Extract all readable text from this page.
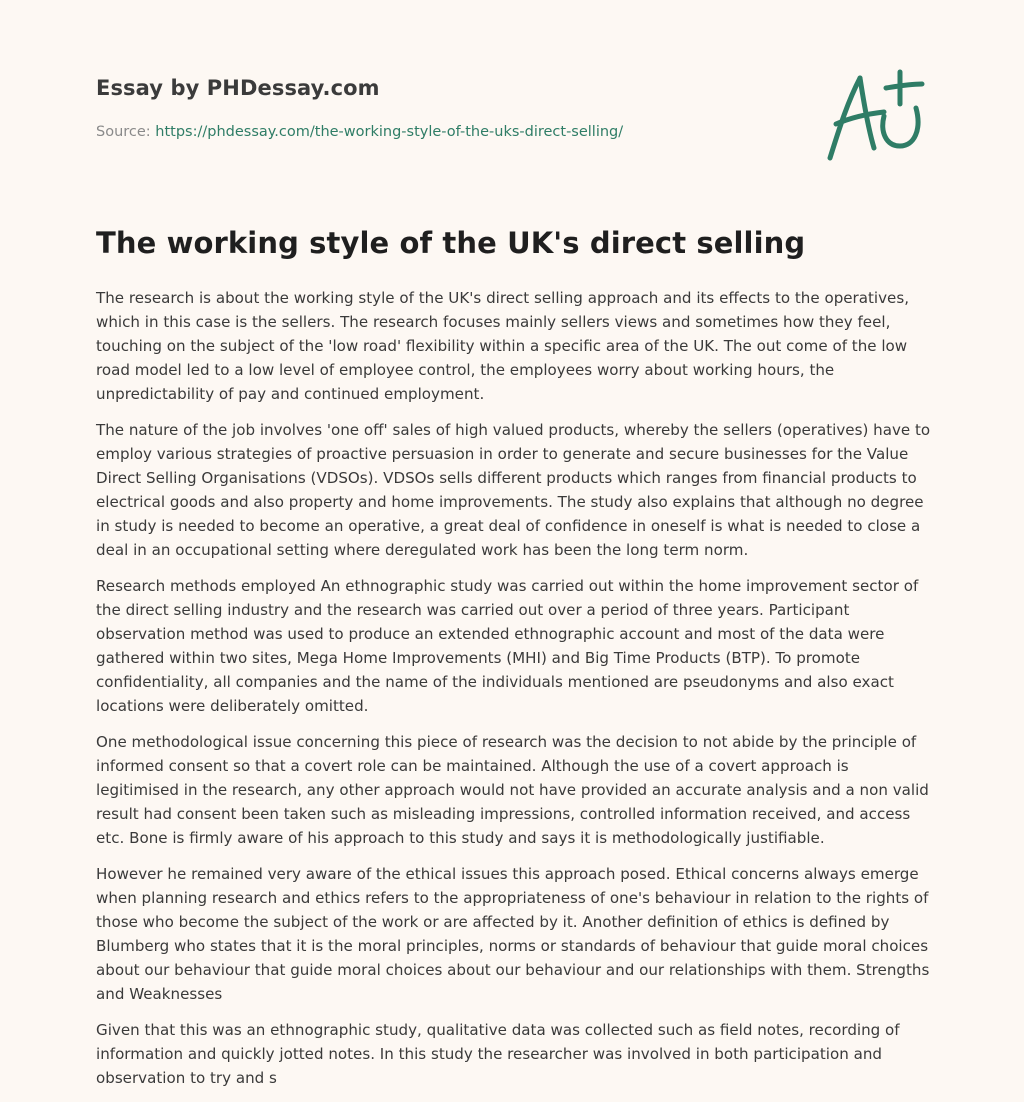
Essay by PHDessay.com
Source: https://phdessay.com/the-working-style-of-the-uks-direct-selling/
The working style of the UK's direct selling

The research is about the working style of the UK's direct selling approach and its effects to the operatives, which in this case is the sellers. The research focuses mainly sellers views and sometimes how they feel, touching on the subject of the 'low road' flexibility within a specific area of the UK. The out come of the low road model led to a low level of employee control, the employees worry about working hours, the unpredictability of pay and continued employment.

The nature of the job involves 'one off' sales of high valued products, whereby the sellers (operatives) have to employ various strategies of proactive persuasion in order to generate and secure businesses for the Value Direct Selling Organisations (VDSOs). VDSOs sells different products which ranges from financial products to electrical goods and also property and home improvements. The study also explains that although no degree in study is needed to become an operative, a great deal of confidence in oneself is what is needed to close a deal in an occupational setting where deregulated work has been the long term norm.

Research methods employed An ethnographic study was carried out within the home improvement sector of the direct selling industry and the research was carried out over a period of three years. Participant observation method was used to produce an extended ethnographic account and most of the data were gathered within two sites, Mega Home Improvements (MHI) and Big Time Products (BTP). To promote confidentiality, all companies and the name of the individuals mentioned are pseudonyms and also exact locations were deliberately omitted.

One methodological issue concerning this piece of research was the decision to not abide by the principle of informed consent so that a covert role can be maintained. Although the use of a covert approach is legitimised in the research, any other approach would not have provided an accurate analysis and a non valid result had consent been taken such as misleading impressions, controlled information received, and access etc. Bone is firmly aware of his approach to this study and says it is methodologically justifiable.

However he remained very aware of the ethical issues this approach posed. Ethical concerns always emerge when planning research and ethics refers to the appropriateness of one's behaviour in relation to the rights of those who become the subject of the work or are affected by it. Another definition of ethics is defined by Blumberg who states that it is the moral principles, norms or standards of behaviour that guide moral choices about our behaviour that guide moral choices about our behaviour and our relationships with them. Strengths and Weaknesses

Given that this was an ethnographic study, qualitative data was collected such as field notes, recording of information and quickly jotted notes. In this study the researcher was involved in both participation and observation to try and s
